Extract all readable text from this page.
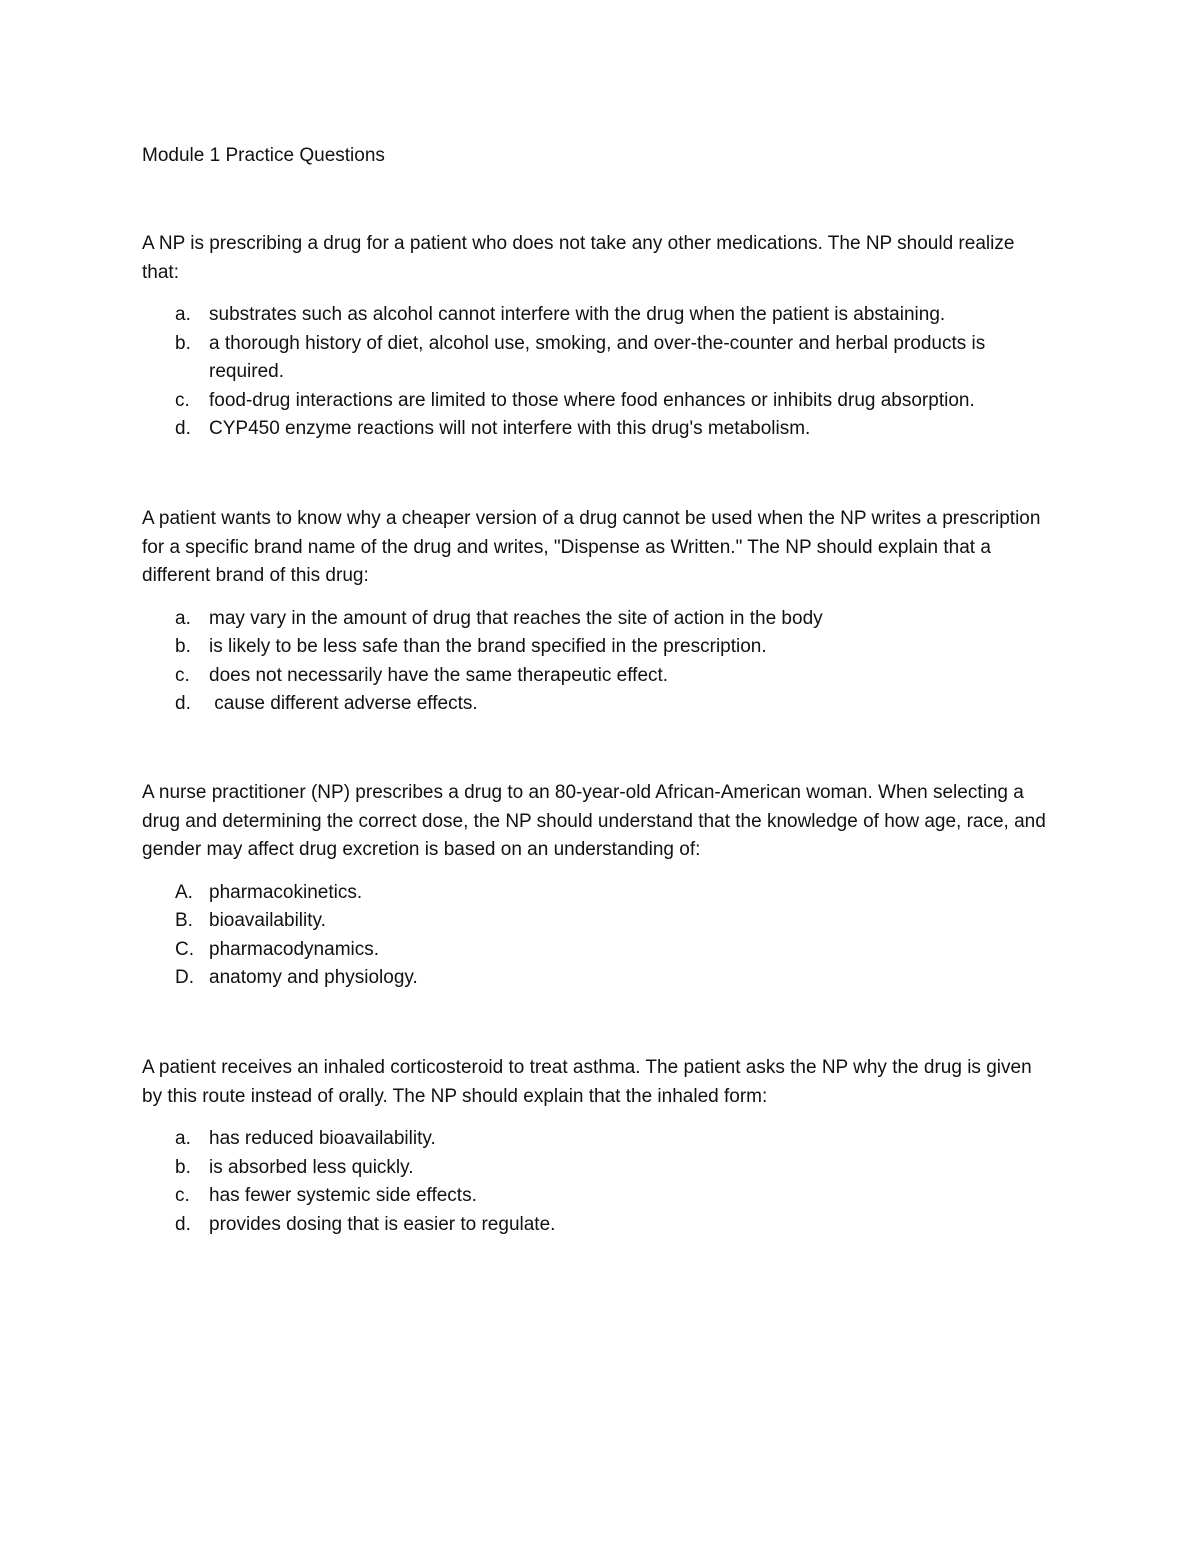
Module 1 Practice Questions

A NP is prescribing a drug for a patient who does not take any other medications. The NP should realize that:

a. substrates such as alcohol cannot interfere with the drug when the patient is abstaining.
b. a thorough history of diet, alcohol use, smoking, and over-the-counter and herbal products is required.
c.	food-drug interactions are limited to those where food enhances or inhibits drug absorption.
d. CYP450 enzyme reactions will not interfere with this drug's metabolism.

A patient wants to know why a cheaper version of a drug cannot be used when the NP writes a prescription for a specific brand name of the drug and writes, "Dispense as Written." The NP should explain that a different brand of this drug:

a. may vary in the amount of drug that reaches the site of action in the body
b. is likely to be less safe than the brand specified in the prescription.
c.	does not necessarily have the same therapeutic effect.
d. cause different adverse effects.

A nurse practitioner (NP) prescribes a drug to an 80-year-old African-American woman. When selecting a drug and determining the correct dose, the NP should understand that the knowledge of how age, race, and gender may affect drug excretion is based on an understanding of:

A. pharmacokinetics.
B. bioavailability.
C. pharmacodynamics.
D. anatomy and physiology.

A patient receives an inhaled corticosteroid to treat asthma. The patient asks the NP why the drug is given by this route instead of orally. The NP should explain that the inhaled form:

a. has reduced bioavailability.
b. is absorbed less quickly.
c.	has fewer systemic side effects.
d. provides dosing that is easier to regulate.
